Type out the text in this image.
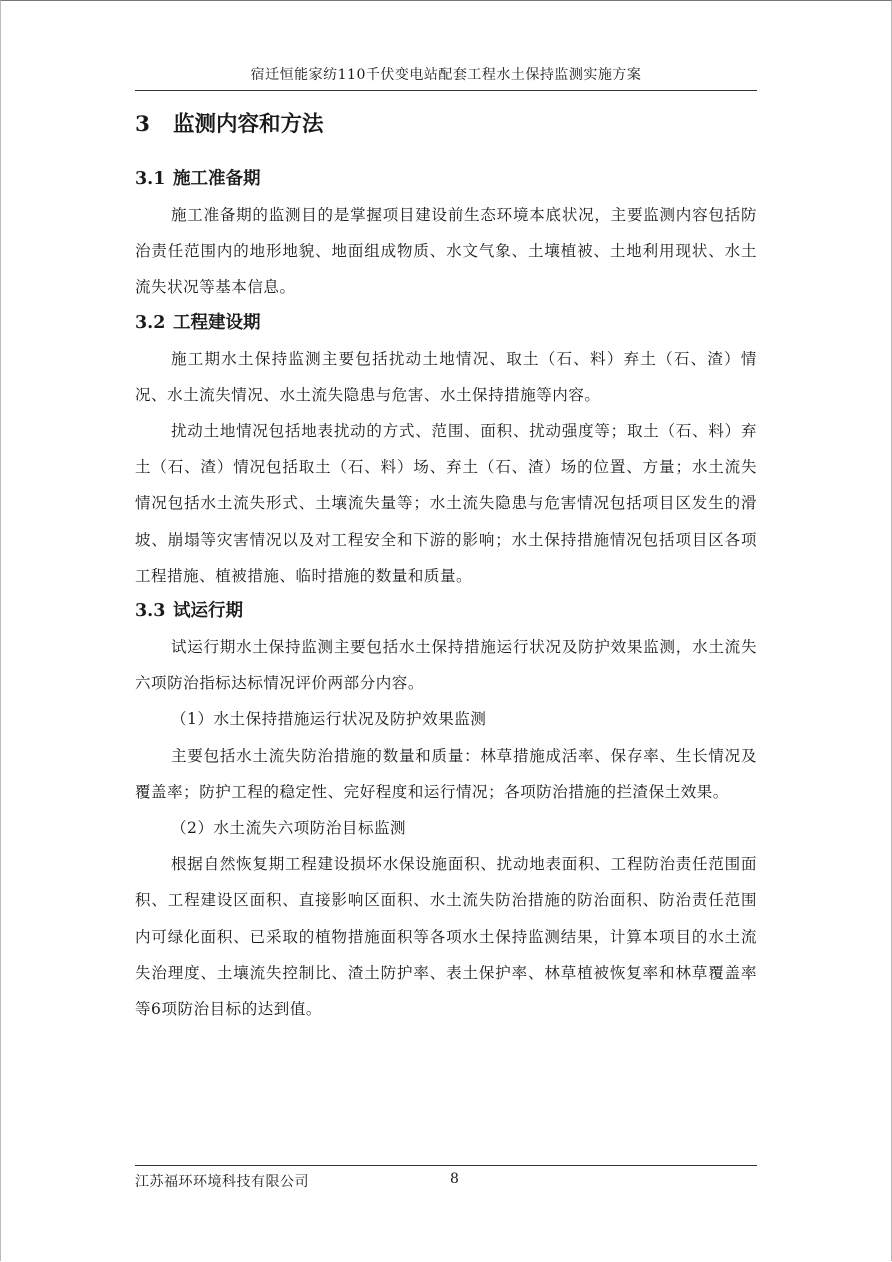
宿迁恒能家纺110千伏变电站配套工程水土保持监测实施方案
3	监测内容和方法
3.1 施工准备期

施工准备期的监测目的是掌握项目建设前生态环境本底状况，主要监测内容包括防治责任范围内的地形地貌、地面组成物质、水文气象、土壤植被、土地利用现状、水土流失状况等基本信息。

3.2 工程建设期

施工期水土保持监测主要包括扰动土地情况、取土（石、料）弃土（石、渣）情况、水土流失情况、水土流失隐患与危害、水土保持措施等内容。

扰动土地情况包括地表扰动的方式、范围、面积、扰动强度等；取土（石、料）弃土（石、渣）情况包括取土（石、料）场、弃土（石、渣）场的位置、方量；水土流失情况包括水土流失形式、土壤流失量等；水土流失隐患与危害情况包括项目区发生的滑坡、崩塌等灾害情况以及对工程安全和下游的影响；水土保持措施情况包括项目区各项工程措施、植被措施、临时措施的数量和质量。

3.3 试运行期

试运行期水土保持监测主要包括水土保持措施运行状况及防护效果监测，水土流失六项防治指标达标情况评价两部分内容。

（1）水土保持措施运行状况及防护效果监测

主要包括水土流失防治措施的数量和质量：林草措施成活率、保存率、生长情况及覆盖率；防护工程的稳定性、完好程度和运行情况；各项防治措施的拦渣保土效果。

（2）水土流失六项防治目标监测

根据自然恢复期工程建设损坏水保设施面积、扰动地表面积、工程防治责任范围面积、工程建设区面积、直接影响区面积、水土流失防治措施的防治面积、防治责任范围内可绿化面积、已采取的植物措施面积等各项水土保持监测结果，计算本项目的水土流失治理度、土壤流失控制比、渣土防护率、表土保护率、林草植被恢复率和林草覆盖率等6项防治目标的达到值。

江苏福环环境科技有限公司	8
